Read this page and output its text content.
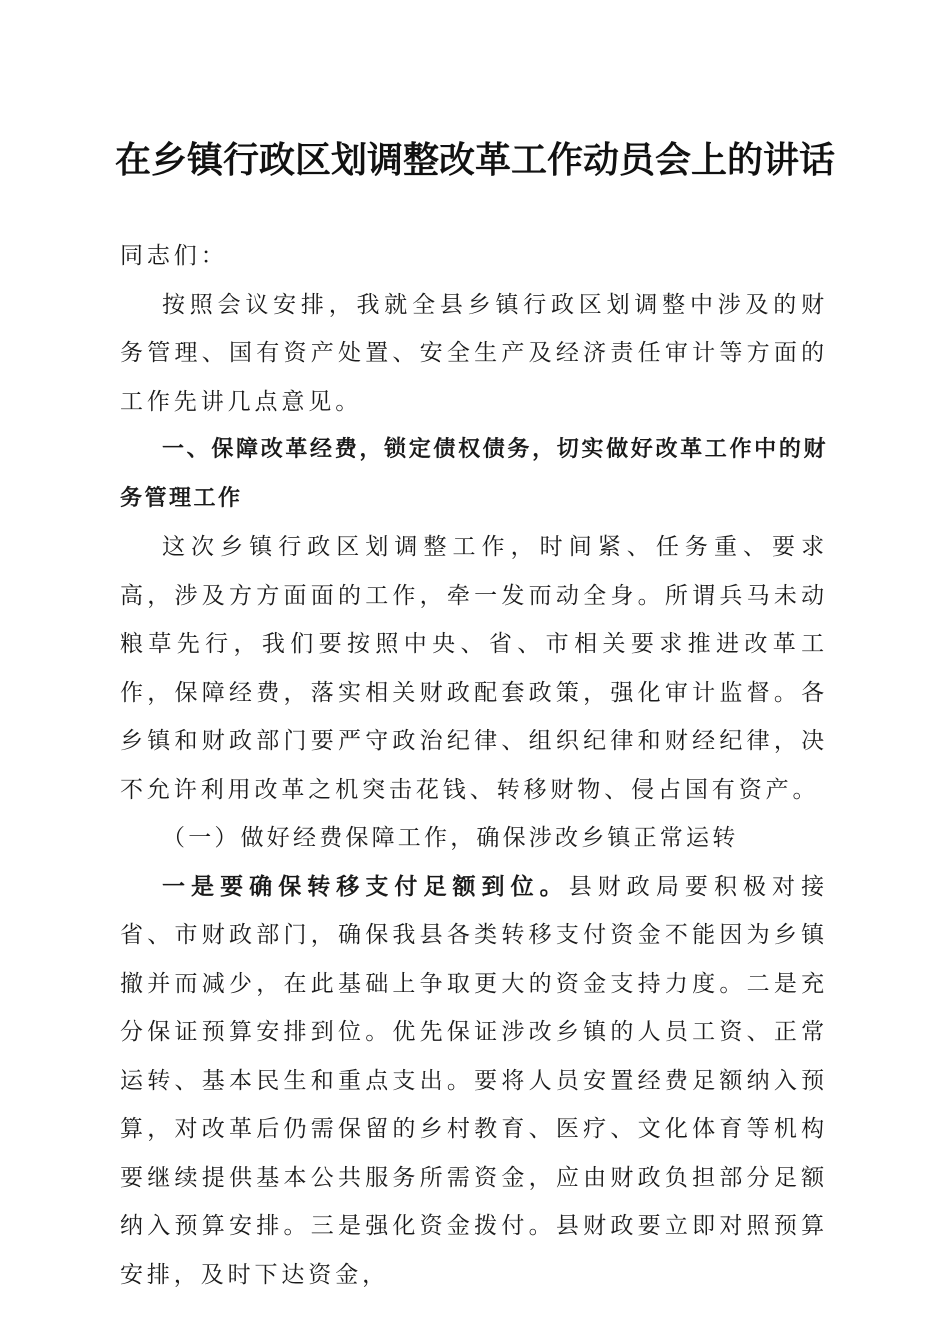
在乡镇行政区划调整改革工作动员会上的讲话

同志们：

按照会议安排，我就全县乡镇行政区划调整中涉及的财务管理、国有资产处置、安全生产及经济责任审计等方面的工作先讲几点意见。

一、保障改革经费，锁定债权债务，切实做好改革工作中的财务管理工作

这次乡镇行政区划调整工作，时间紧、任务重、要求高，涉及方方面面的工作，牵一发而动全身。所谓兵马未动粮草先行，我们要按照中央、省、市相关要求推进改革工作，保障经费，落实相关财政配套政策，强化审计监督。各乡镇和财政部门要严守政治纪律、组织纪律和财经纪律，决不允许利用改革之机突击花钱、转移财物、侵占国有资产。

（一）做好经费保障工作，确保涉改乡镇正常运转

一是要确保转移支付足额到位。县财政局要积极对接省、市财政部门，确保我县各类转移支付资金不能因为乡镇撤并而减少，在此基础上争取更大的资金支持力度。二是充分保证预算安排到位。优先保证涉改乡镇的人员工资、正常运转、基本民生和重点支出。要将人员安置经费足额纳入预算，对改革后仍需保留的乡村教育、医疗、文化体育等机构要继续提供基本公共服务所需资金，应由财政负担部分足额纳入预算安排。三是强化资金拨付。县财政要立即对照预算安排，及时下达资金，
